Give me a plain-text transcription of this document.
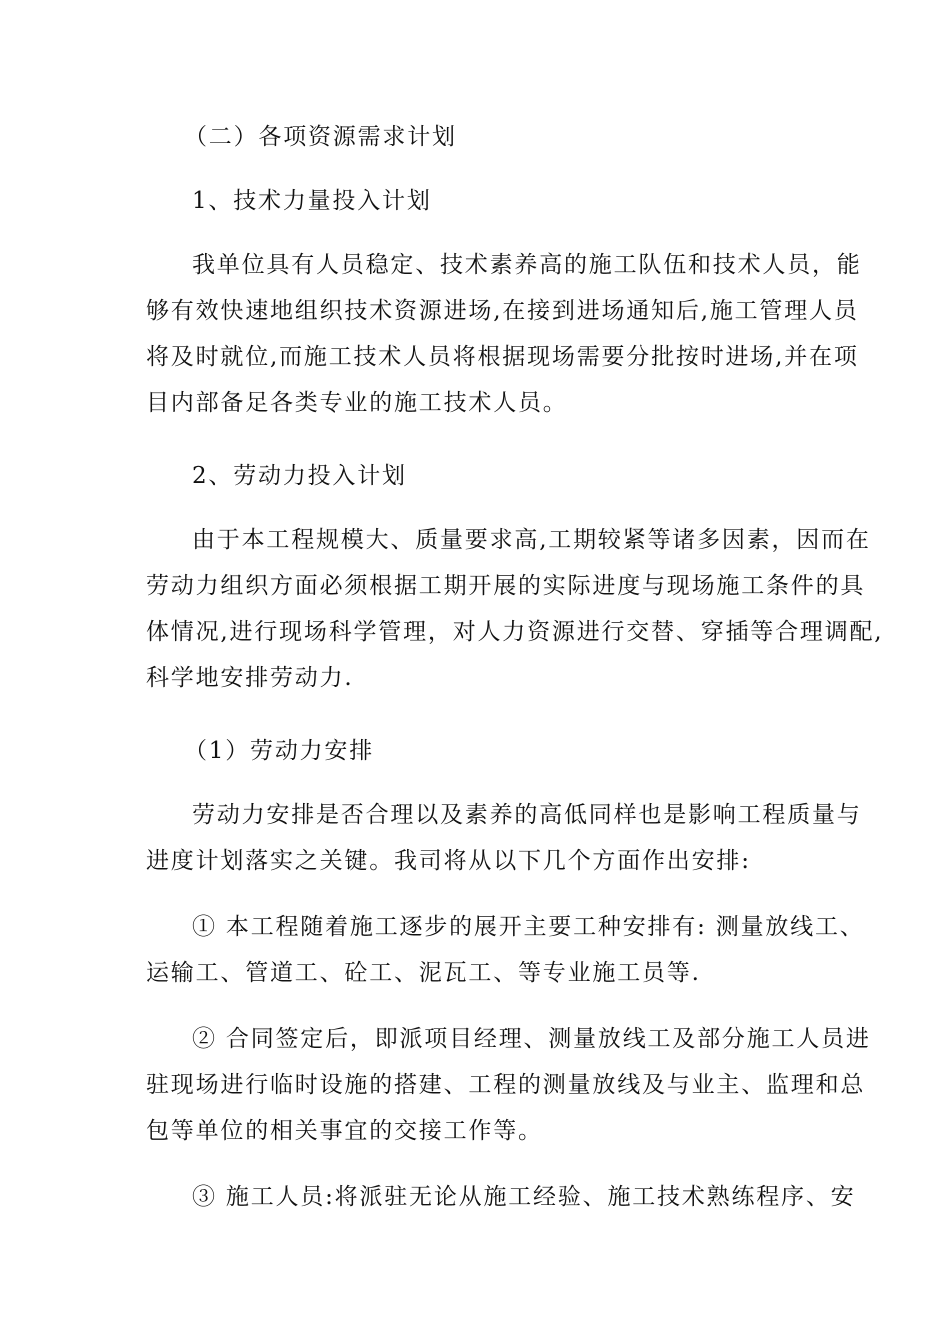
（二）各项资源需求计划
1、技术力量投入计划
我单位具有人员稳定、技术素养高的施工队伍和技术人员，能
够有效快速地组织技术资源进场,在接到进场通知后,施工管理人员
将及时就位,而施工技术人员将根据现场需要分批按时进场,并在项
目内部备足各类专业的施工技术人员。
2、劳动力投入计划
由于本工程规模大、质量要求高,工期较紧等诸多因素，因而在
劳动力组织方面必须根据工期开展的实际进度与现场施工条件的具
体情况,进行现场科学管理，对人力资源进行交替、穿插等合理调配,
科学地安排劳动力.
（1）劳动力安排
劳动力安排是否合理以及素养的高低同样也是影响工程质量与
进度计划落实之关键。我司将从以下几个方面作出安排:
① 本工程随着施工逐步的展开主要工种安排有: 测量放线工、
运输工、管道工、砼工、泥瓦工、等专业施工员等.
② 合同签定后，即派项目经理、测量放线工及部分施工人员进
驻现场进行临时设施的搭建、工程的测量放线及与业主、监理和总
包等单位的相关事宜的交接工作等。
③ 施工人员:将派驻无论从施工经验、施工技术熟练程序、安
